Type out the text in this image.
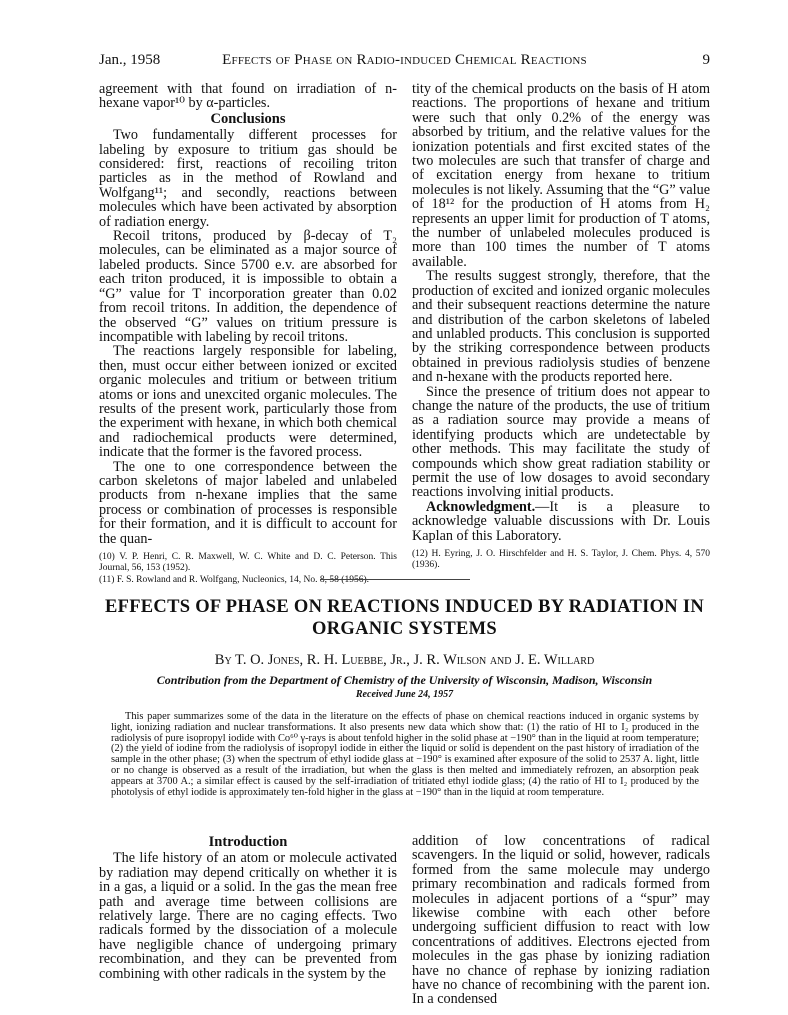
Jan., 1958	Effects of Phase on Radio-induced Chemical Reactions	9

agreement with that found on irradiation of n-hexane vapor¹⁰ by α-particles.

Conclusions

Two fundamentally different processes for labeling by exposure to tritium gas should be considered: first, reactions of recoiling triton particles as in the method of Rowland and Wolfgang¹¹; and secondly, reactions between molecules which have been activated by absorption of radiation energy.

Recoil tritons, produced by β-decay of T₂ molecules, can be eliminated as a major source of labeled products. Since 5700 e.v. are absorbed for each triton produced, it is impossible to obtain a “G” value for T incorporation greater than 0.02 from recoil tritons. In addition, the dependence of the observed “G” values on tritium pressure is incompatible with labeling by recoil tritons.

The reactions largely responsible for labeling, then, must occur either between ionized or excited organic molecules and tritium or between tritium atoms or ions and unexcited organic molecules. The results of the present work, particularly those from the experiment with hexane, in which both chemical and radiochemical products were determined, indicate that the former is the favored process.

The one to one correspondence between the carbon skeletons of major labeled and unlabeled products from n-hexane implies that the same process or combination of processes is responsible for their formation, and it is difficult to account for the quan-

(10) V. P. Henri, C. R. Maxwell, W. C. White and D. C. Peterson. This Journal, 56, 153 (1952).

(11) F. S. Rowland and R. Wolfgang, Nucleonics, 14, No. 8, 58 (1956).

tity of the chemical products on the basis of H atom reactions. The proportions of hexane and tritium were such that only 0.2% of the energy was absorbed by tritium, and the relative values for the ionization potentials and first excited states of the two molecules are such that transfer of charge and of excitation energy from hexane to tritium molecules is not likely. Assuming that the “G” value of 18¹² for the production of H atoms from H₂ represents an upper limit for production of T atoms, the number of unlabeled molecules produced is more than 100 times the number of T atoms available.

The results suggest strongly, therefore, that the production of excited and ionized organic molecules and their subsequent reactions determine the nature and distribution of the carbon skeletons of labeled and unlabled products. This conclusion is supported by the striking correspondence between products obtained in previous radiolysis studies of benzene and n-hexane with the products reported here.

Since the presence of tritium does not appear to change the nature of the products, the use of tritium as a radiation source may provide a means of identifying products which are undetectable by other methods. This may facilitate the study of compounds which show great radiation stability or permit the use of low dosages to avoid secondary reactions involving initial products.

Acknowledgment.—It is a pleasure to acknowledge valuable discussions with Dr. Louis Kaplan of this Laboratory.

(12) H. Eyring, J. O. Hirschfelder and H. S. Taylor, J. Chem. Phys. 4, 570 (1936).

EFFECTS OF PHASE ON REACTIONS INDUCED BY RADIATION IN ORGANIC SYSTEMS
By T. O. Jones, R. H. Luebbe, Jr., J. R. Wilson and J. E. Willard
Contribution from the Department of Chemistry of the University of Wisconsin, Madison, Wisconsin
Received June 24, 1957

This paper summarizes some of the data in the literature on the effects of phase on chemical reactions induced in organic systems by light, ionizing radiation and nuclear transformations. It also presents new data which show that: (1) the ratio of HI to I₂ produced in the radiolysis of pure isopropyl iodide with Co⁶⁰ γ-rays is about tenfold higher in the solid phase at −190° than in the liquid at room temperature; (2) the yield of iodine from the radiolysis of isopropyl iodide in either the liquid or solid is dependent on the past history of irradiation of the sample in the other phase; (3) when the spectrum of ethyl iodide glass at −190° is examined after exposure of the solid to 2537 A. light, little or no change is observed as a result of the irradiation, but when the glass is then melted and immediately refrozen, an absorption peak appears at 3700 A.; a similar effect is caused by the self-irradiation of tritiated ethyl iodide glass; (4) the ratio of HI to I₂ produced by the photolysis of ethyl iodide is approximately ten-fold higher in the glass at −190° than in the liquid at room temperature.

Introduction

The life history of an atom or molecule activated by radiation may depend critically on whether it is in a gas, a liquid or a solid. In the gas the mean free path and average time between collisions are relatively large. There are no caging effects. Two radicals formed by the dissociation of a molecule have negligible chance of undergoing primary recombination, and they can be prevented from combining with other radicals in the system by the

addition of low concentrations of radical scavengers. In the liquid or solid, however, radicals formed from the same molecule may undergo primary recombination and radicals formed from molecules in adjacent portions of a “spur” may likewise combine with each other before undergoing sufficient diffusion to react with low concentrations of additives. Electrons ejected from molecules in the gas phase by ionizing radiation have no chance of rephase by ionizing radiation have no chance of recombining with the parent ion. In a condensed
